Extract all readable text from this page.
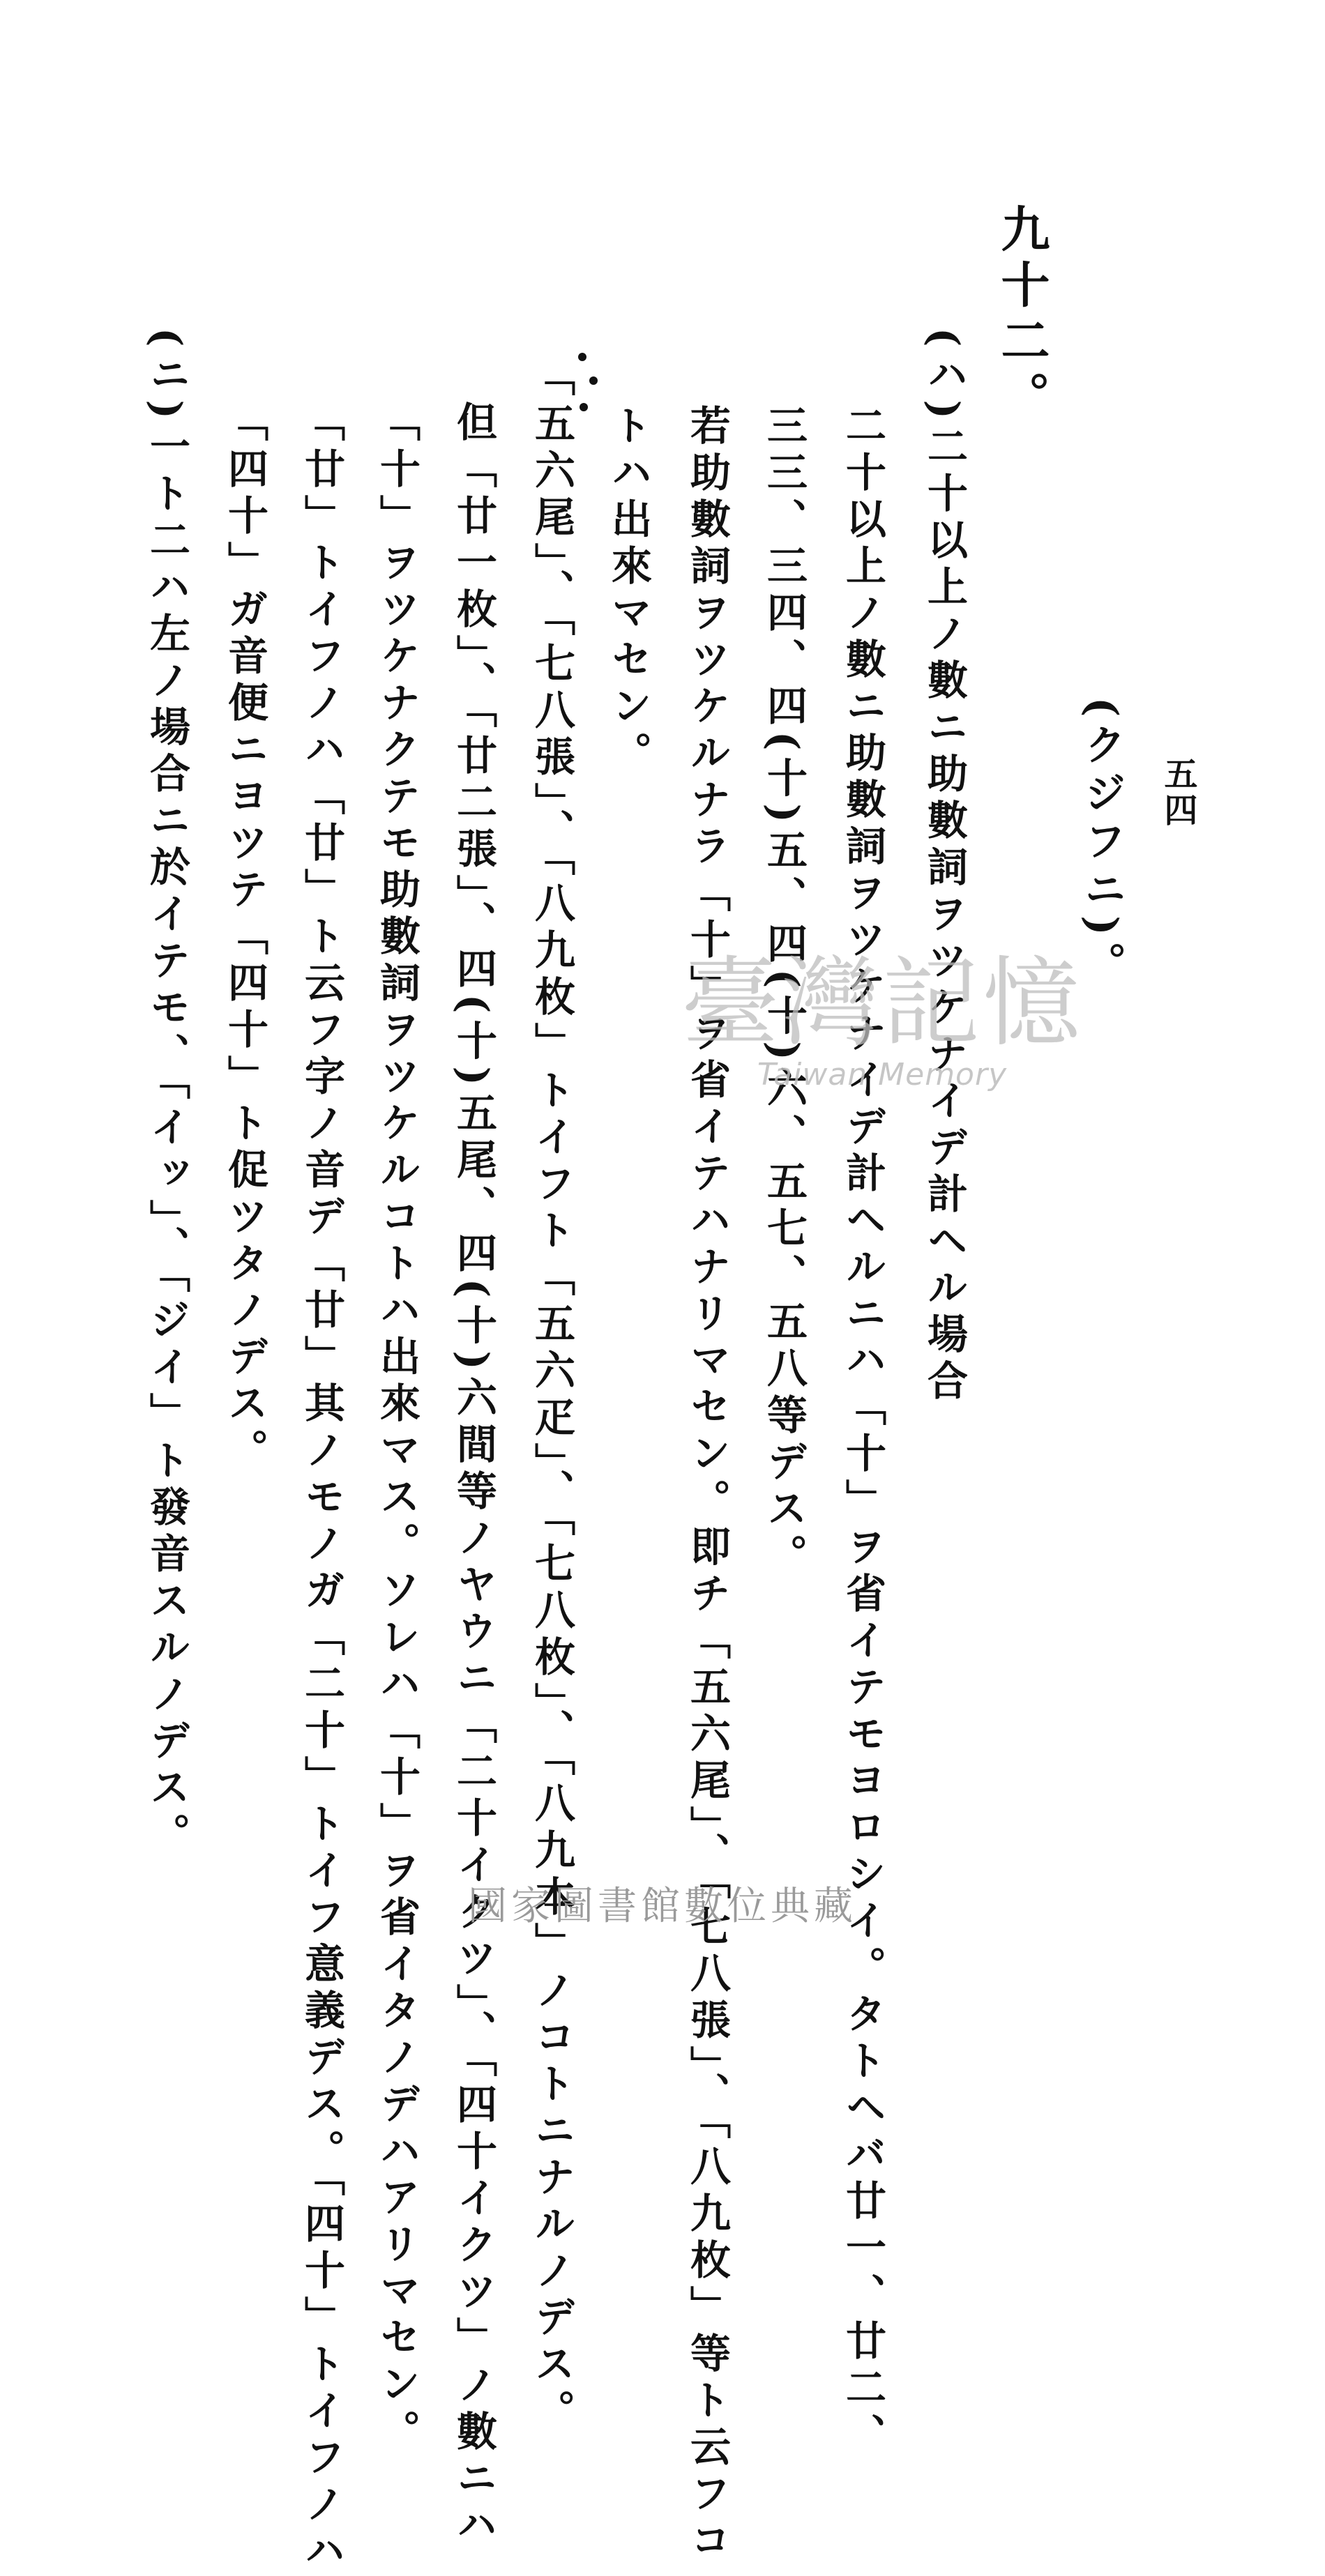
五四
九十二。
(クジフニ)。
(ハ)二十以上ノ數ニ助數詞ヲツケナイデ計ヘル場合
二十以上ノ數ニ助數詞ヲツケナイデ計ヘルニハ「十」ヲ省イテモヨロシイ。タトヘバ廿一、廿二、
三三、三四、四(十)五、四(十)六、五七、五八等デス。
若助數詞ヲツケルナラ「十」ヲ省イテハナリマセン。即チ「五六尾」、「七八張」、「八九枚」等ト云フコ
トハ出來マセン。
「五六尾」、「七八張」、「八九枚」トイフト「五六疋」、「七八枚」、「八九本」ノコトニナルノデス。
但「廿一枚」、「廿二張」、四(十)五尾、四(十)六間等ノヤウニ「二十イクツ」、「四十イクツ」ノ數ニハ
「十」ヲツケナクテモ助數詞ヲツケルコトハ出來マス。ソレハ「十」ヲ省イタノデハアリマセン。
「廿」トイフノハ「廿」ト云フ字ノ音デ「廿」其ノモノガ「二十」トイフ意義デス。「四十」トイフノハ
「四十」ガ音便ニヨツテ「四十」ト促ツタノデス。
(ニ)一ト二ハ左ノ場合ニ於イテモ、「イッ」、「ジイ」ト發音スルノデス。	臺灣記憶
Taiwan Memory
國家圖書館數位典藏
